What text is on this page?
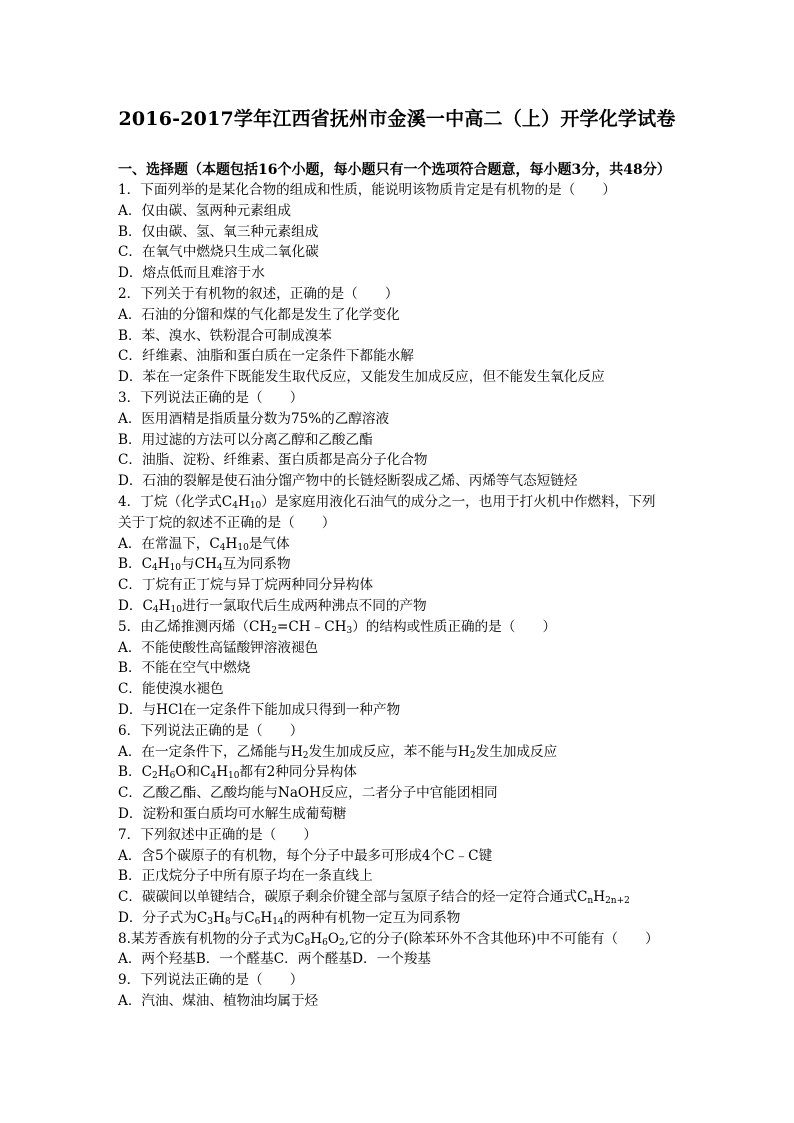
2016-2017学年江西省抚州市金溪一中高二（上）开学化学试卷
一、选择题（本题包括16个小题，每小题只有一个选项符合题意，每小题3分，共48分）
1．下面列举的是某化合物的组成和性质，能说明该物质肯定是有机物的是（　　）
A．仅由碳、氢两种元素组成
B．仅由碳、氢、氧三种元素组成
C．在氧气中燃烧只生成二氧化碳
D．熔点低而且难溶于水
2．下列关于有机物的叙述，正确的是（　　）
A．石油的分馏和煤的气化都是发生了化学变化
B．苯、溴水、铁粉混合可制成溴苯
C．纤维素、油脂和蛋白质在一定条件下都能水解
D．苯在一定条件下既能发生取代反应，又能发生加成反应，但不能发生氧化反应
3．下列说法正确的是（　　）
A．医用酒精是指质量分数为75%的乙醇溶液
B．用过滤的方法可以分离乙醇和乙酸乙酯
C．油脂、淀粉、纤维素、蛋白质都是高分子化合物
D．石油的裂解是使石油分馏产物中的长链烃断裂成乙烯、丙烯等气态短链烃
4．丁烷（化学式$C_4H_{10}$）是家庭用液化石油气的成分之一，也用于打火机中作燃料，下列
关于丁烷的叙述不正确的是（　　）
A．在常温下，$C_4H_{10}$是气体
B．$C_4H_{10}$与$CH_4$互为同系物
C．丁烷有正丁烷与异丁烷两种同分异构体
D．$C_4H_{10}$进行一氯取代后生成两种沸点不同的产物
5．由乙烯推测丙烯$(CH_2=CH﹣CH_3)$的结构或性质正确的是（　　）
A．不能使酸性高锰酸钾溶液褪色
B．不能在空气中燃烧
C．能使溴水褪色
D．与HCl在一定条件下能加成只得到一种产物
6．下列说法正确的是（　　）
A．在一定条件下，乙烯能与$H_2$发生加成反应，苯不能与$H_2$发生加成反应
B．$C_2H_6O$和$C_4H_{10}$都有2种同分异构体
C．乙酸乙酯、乙酸均能与NaOH反应，二者分子中官能团相同
D．淀粉和蛋白质均可水解生成葡萄糖
7．下列叙述中正确的是（　　）
A．含5个碳原子的有机物，每个分子中最多可形成4个C﹣C键
B．正戊烷分子中所有原子均在一条直线上
C．碳碳间以单键结合，碳原子剩余价键全部与氢原子结合的烃一定符合通式$C_nH_{2n+2}$
D．分子式为$C_3H_8$与$C_6H_{14}$的两种有机物一定互为同系物
8.某芳香族有机物的分子式为$C_8H_6O_2$,它的分子(除苯环外不含其他环)中不可能有（　　）
A．两个羟基B．一个醛基C．两个醛基D．一个羧基
9．下列说法正确的是（　　）
A．汽油、煤油、植物油均属于烃
